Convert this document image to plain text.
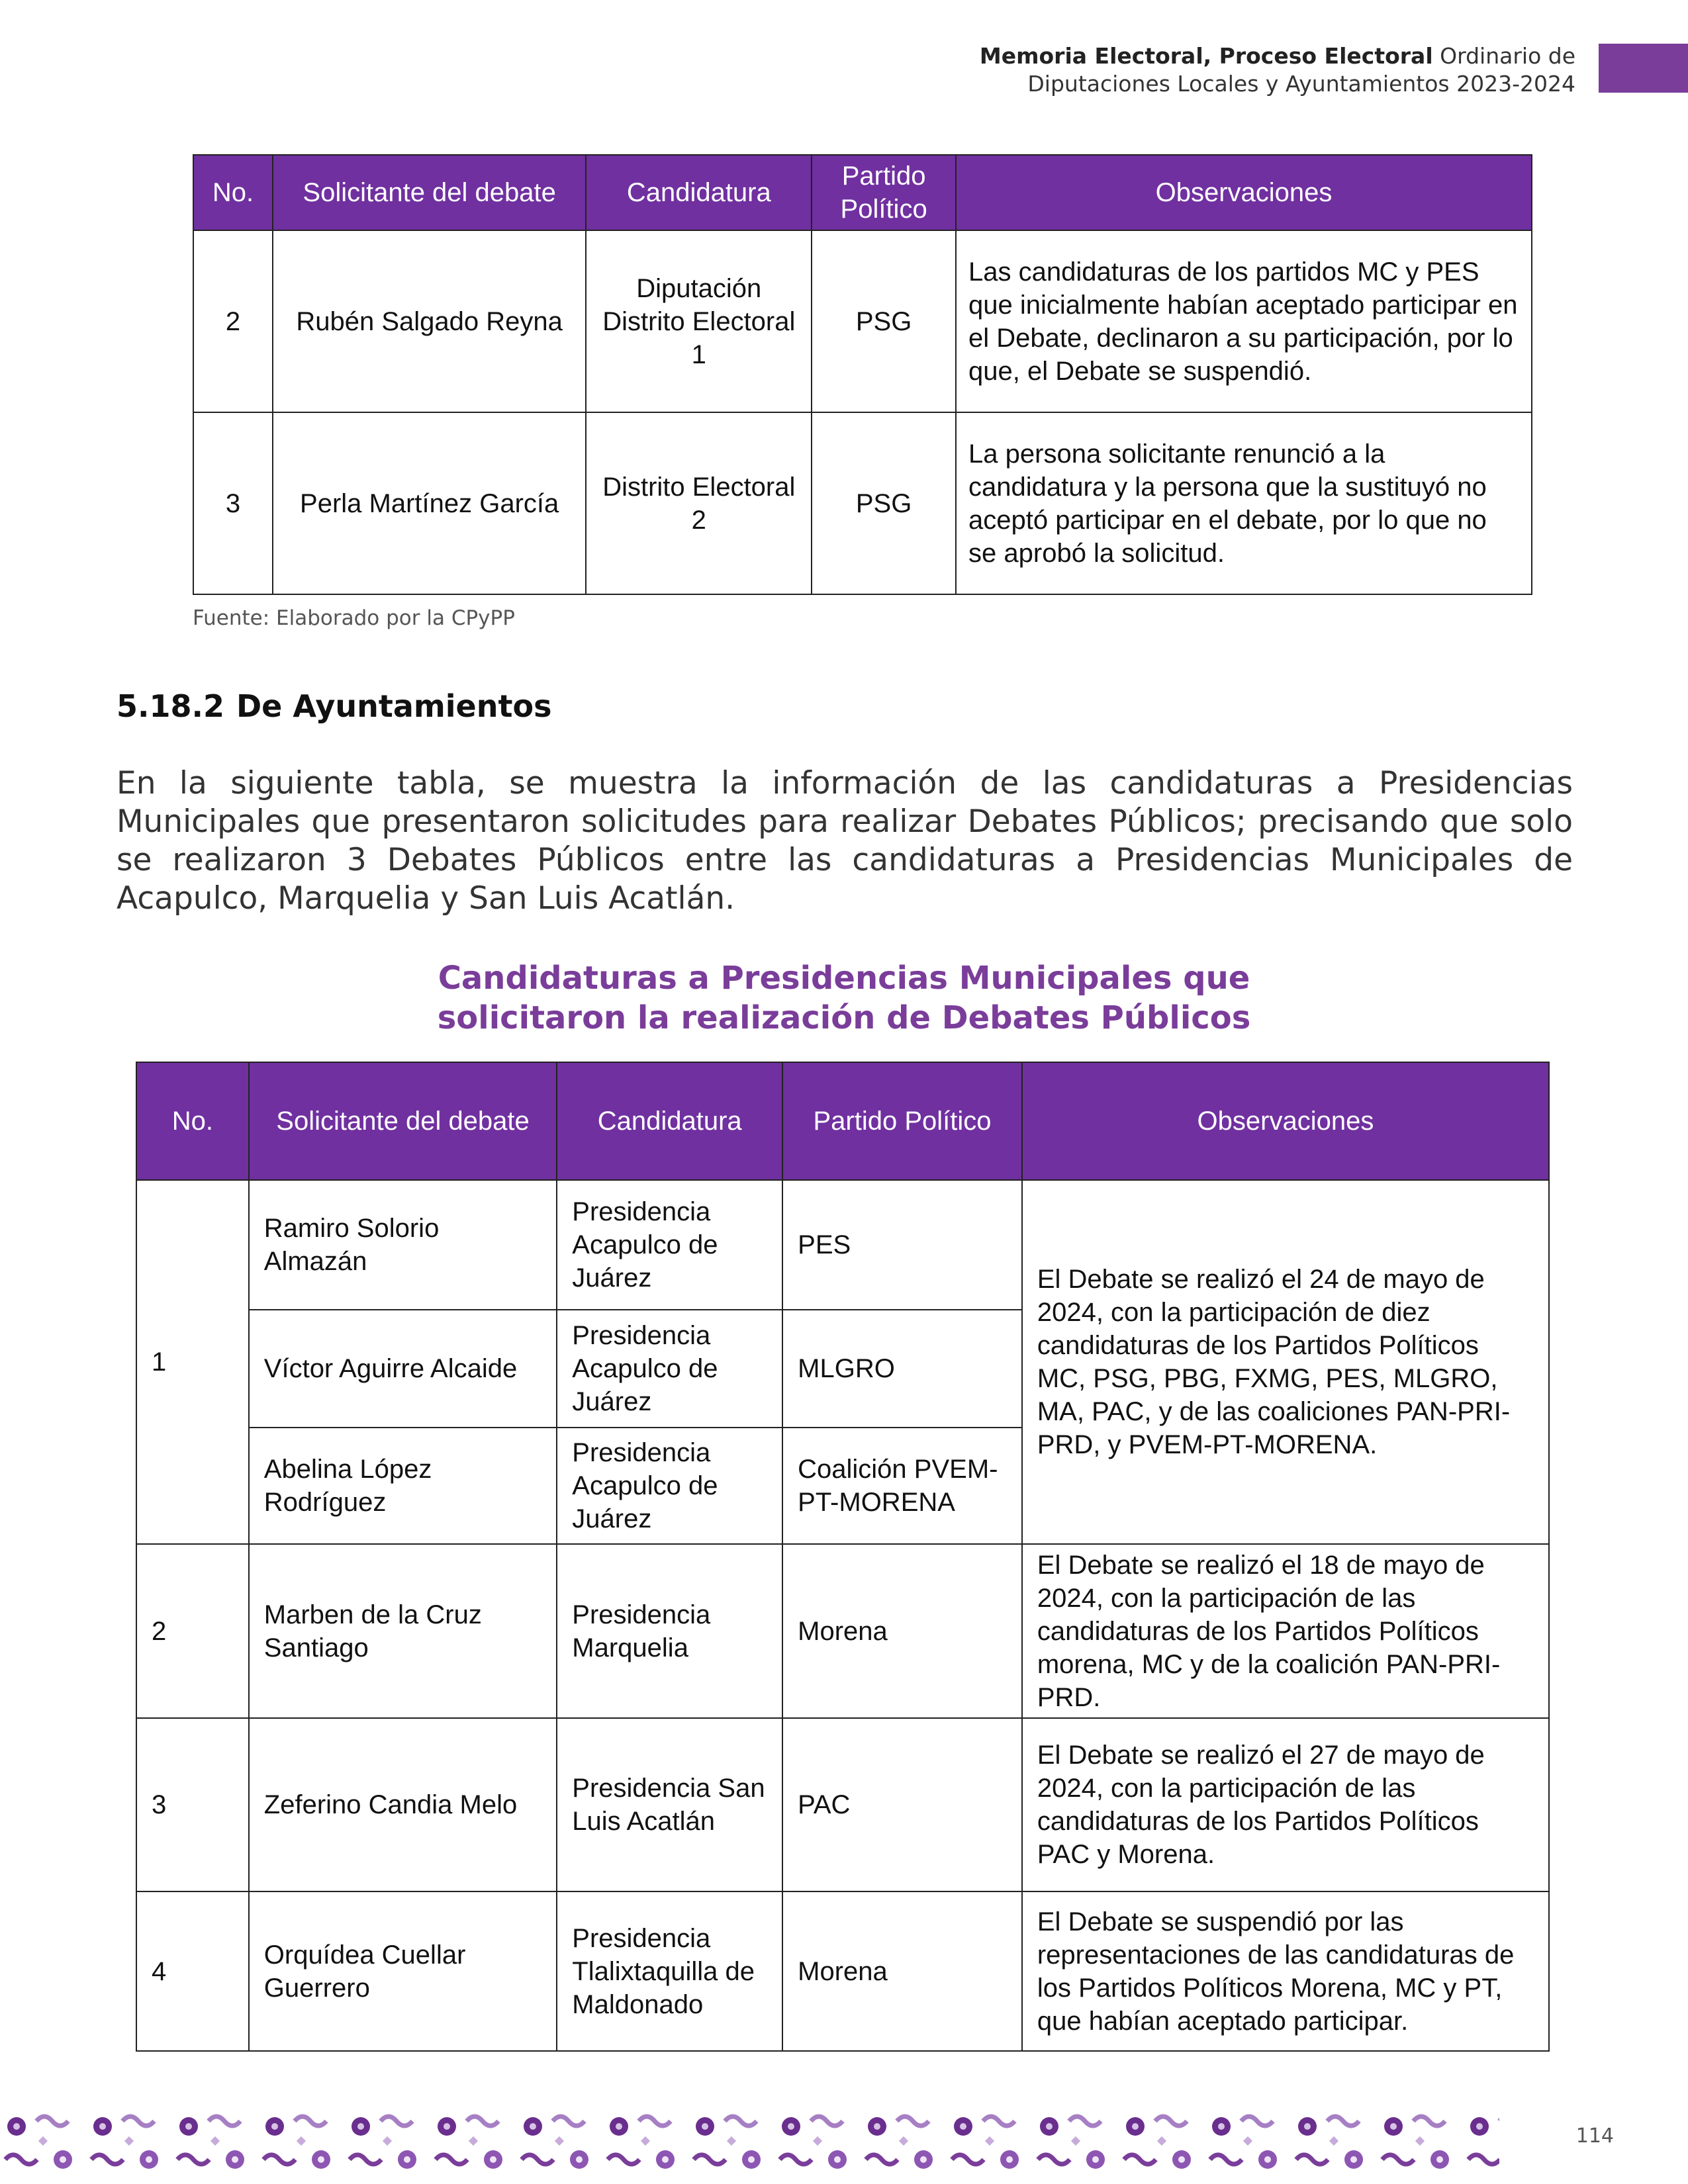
Memoria Electoral, Proceso Electoral Ordinario de
Diputaciones Locales y Ayuntamientos 2023-2024
No.	Solicitante del debate	Candidatura	Partido Político	Observaciones
2	Rubén Salgado Reyna	Diputación Distrito Electoral 1	PSG	Las candidaturas de los partidos MC y PES que inicialmente habían aceptado participar en el Debate, declinaron a su participación, por lo que, el Debate se suspendió.
3	Perla Martínez García	Distrito Electoral 2	PSG	La persona solicitante renunció a la candidatura y la persona que la sustituyó no aceptó participar en el debate, por lo que no se aprobó la solicitud.
Fuente: Elaborado por la CPyPP
5.18.2 De Ayuntamientos
En la siguiente tabla, se muestra la información de las candidaturas a Presidencias Municipales que presentaron solicitudes para realizar Debates Públicos; precisando que solo se realizaron 3 Debates Públicos entre las candidaturas a Presidencias Municipales de Acapulco, Marquelia y San Luis Acatlán.
Candidaturas a Presidencias Municipales que
solicitaron la realización de Debates Públicos
No.	Solicitante del debate	Candidatura	Partido Político	Observaciones
1	Ramiro Solorio Almazán	Presidencia Acapulco de Juárez	PES	El Debate se realizó el 24 de mayo de 2024, con la participación de diez candidaturas de los Partidos Políticos MC, PSG, PBG, FXMG, PES, MLGRO, MA, PAC, y de las coaliciones PAN-PRI-PRD, y PVEM-PT-MORENA.
	Víctor Aguirre Alcaide	Presidencia Acapulco de Juárez	MLGRO	
	Abelina López Rodríguez	Presidencia Acapulco de Juárez	Coalición PVEM-PT-MORENA	
2	Marben de la Cruz Santiago	Presidencia Marquelia	Morena	El Debate se realizó el 18 de mayo de 2024, con la participación de las candidaturas de los Partidos Políticos morena, MC y de la coalición PAN-PRI-PRD.
3	Zeferino Candia Melo	Presidencia San Luis Acatlán	PAC	El Debate se realizó el 27 de mayo de 2024, con la participación de las candidaturas de los Partidos Políticos PAC y Morena.
4	Orquídea Cuellar Guerrero	Presidencia Tlalixtaquilla de Maldonado	Morena	El Debate se suspendió por las representaciones de las candidaturas de los Partidos Políticos Morena, MC y PT, que habían aceptado participar.
114
